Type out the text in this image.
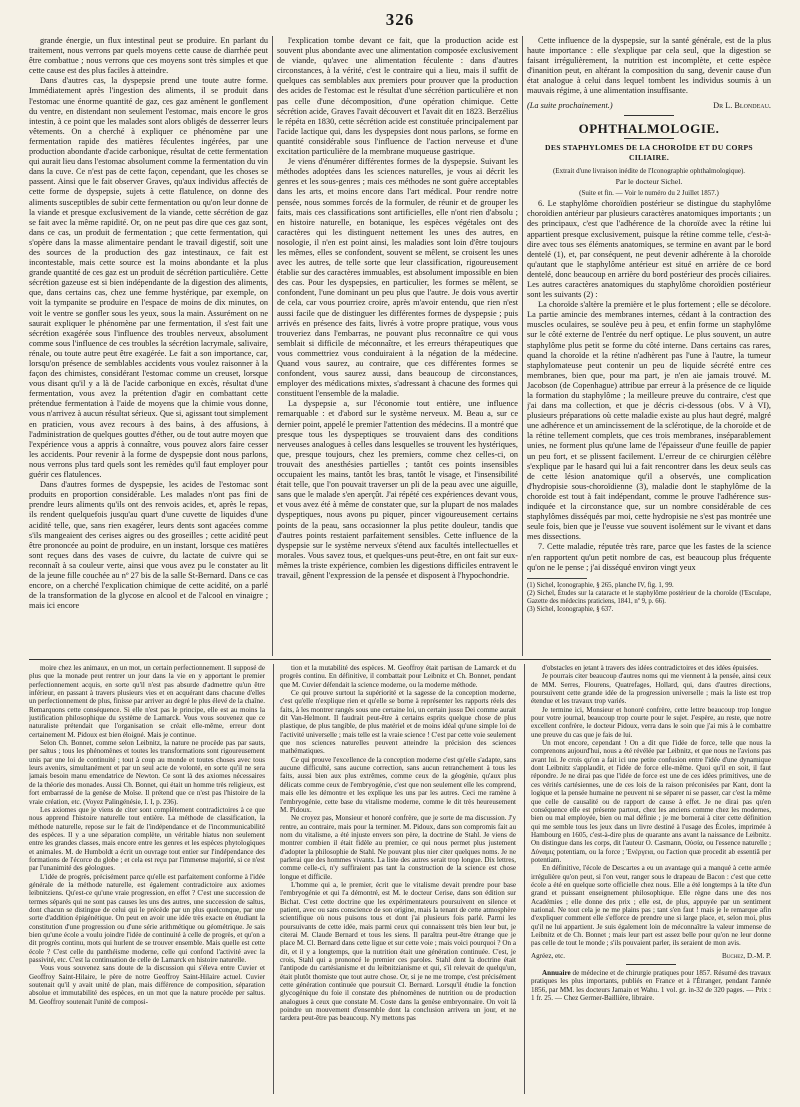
326

grande énergie, un flux intestinal peut se produire. En parlant du traitement, nous verrons par quels moyens cette cause de diarrhée peut être combattue ; nous verrons que ces moyens sont très simples et que cette cause est des plus faciles à atteindre.

Dans d'autres cas, la dyspepsie prend une toute autre forme. Immédiatement après l'ingestion des aliments, il se produit dans l'estomac une énorme quantité de gaz, ces gaz amènent le gonflement du ventre, en distendant non seulement l'estomac, mais encore le gros intestin, à ce point que les malades sont alors obligés de desserrer leurs vêtements. On a cherché à expliquer ce phénomène par une fermentation rapide des matières féculentes ingérées, par une production abondante d'acide carbonique, résultat de cette fermentation qui aurait lieu dans l'estomac absolument comme la fermentation du vin dans la cuve. Ce n'est pas de cette façon, cependant, que les choses se passent. Ainsi que le fait observer Graves, qu'aux individus affectés de cette forme de dyspepsie, sujets à cette flatulence, on donne des aliments susceptibles de subir cette fermentation ou qu'on leur donne de la viande et presque exclusivement de la viande, cette sécrétion de gaz se fait avec la même rapidité. Or, on ne peut pas dire que ces gaz sont, dans ce cas, un produit de fermentation ; que cette fermentation, qui s'opère dans la masse alimentaire pendant le travail digestif, soit une des sources de la production des gaz intestinaux, ce fait est incontestable, mais cette source est la moins abondante et la plus grande quantité de ces gaz est un produit de sécrétion particulière. Cette sécrétion gazeuse est si bien indépendante de la digestion des aliments, que, dans certains cas, chez une femme hystérique, par exemple, on voit la tympanite se produire en l'espace de moins de dix minutes, on voit le ventre se gonfler sous les yeux, sous la main. Assurément on ne saurait expliquer le phénomène par une fermentation, il s'est fait une sécrétion exagérée sous l'influence des troubles nerveux, absolument comme sous l'influence de ces troubles la sécrétion lacrymale, salivaire, rénale, ou toute autre peut être exagérée. Le fait a son importance, car, lorsqu'on présence de semblables accidents vous voulez raisonner à la façon des chimistes, considérant l'estomac comme un creuset, lorsque vous disant qu'il y a là de l'acide carbonique en excès, résultat d'une fermentation, vous avez la prétention d'agir en combattant cette prétendue fermentation à l'aide de moyens que la chimie vous donne, vous n'arrivez à aucun résultat sérieux. Que si, agissant tout simplement en praticien, vous avez recours à des bains, à des affusions, à l'administration de quelques gouttes d'éther, ou de tout autre moyen que l'expérience vous a appris à connaître, vous pouvez alors faire cesser les accidents. Pour revenir à la forme de dyspepsie dont nous parlons, nous verrons plus tard quels sont les remèdes qu'il faut employer pour guérir ces flatulences.

Dans d'autres formes de dyspepsie, les acides de l'estomac sont produits en proportion considérable. Les malades n'ont pas fini de prendre leurs aliments qu'ils ont des renvois acides, et, après le repas, ils rendent quelquefois jusqu'au quart d'une cuvette de liquides d'une acidité telle, que, sans rien exagérer, leurs dents sont agacées comme s'ils mangeaient des cerises aigres ou des groseilles ; cette acidité peut être prononcée au point de produire, en un instant, lorsque ces matières sont reçues dans des vases de cuivre, du lactate de cuivre qui se reconnaît à sa couleur verte, ainsi que vous avez pu le constater au lit de la jeune fille couchée au nº 27 bis de la salle St-Bernard. Dans ce cas encore, on a cherché l'explication chimique de cette acidité, on a parlé de la transformation de la glycose en alcool et de l'alcool en vinaigre ; mais ici encore

l'explication tombe devant ce fait, que la production acide est souvent plus abondante avec une alimentation composée exclusivement de viande, qu'avec une alimentation féculente : dans d'autres circonstances, à la vérité, c'est le contraire qui a lieu, mais il suffit de quelques cas semblables aux premiers pour prouver que la production des acides de l'estomac est le résultat d'une sécrétion particulière et non pas celle d'une décomposition, d'une opération chimique. Cette sécrétion acide, Graves l'avait découvert et l'avait dit en 1823. Berzélius le répéta en 1830, cette sécrétion acide est constituée principalement par l'acide lactique qui, dans les dyspepsies dont nous parlons, se forme en quantité considérable sous l'influence de l'action nerveuse et d'une excitation particulière de la membrane muqueuse gastrique.

Je viens d'énumérer différentes formes de la dyspepsie. Suivant les méthodes adoptées dans les sciences naturelles, je vous ai décrit les genres et les sous-genres ; mais ces méthodes ne sont guère acceptables dans les arts, et moins encore dans l'art médical. Pour rendre notre pensée, nous sommes forcés de la formuler, de réunir et de grouper les faits, mais ces classifications sont artificielles, elle n'ont rien d'absolu ; en histoire naturelle, en botanique, les espèces végétales ont des caractères qui les distinguent nettement les unes des autres, en nosologie, il n'en est point ainsi, les maladies sont loin d'être toujours les mêmes, elles se confondent, souvent se mêlent, se croisent les unes avec les autres, de telle sorte que leur classification, rigoureusement établie sur des caractères immuables, est absolument impossible en bien des cas. Pour les dyspepsies, en particulier, les formes se mêlent, se confondent, l'une dominant un peu plus que l'autre. Je dois vous avertir de cela, car vous pourriez croire, après m'avoir entendu, que rien n'est aussi facile que de distinguer les différentes formes de dyspepsie ; puis arrivés en présence des faits, livrés à votre propre pratique, vous vous trouveriez dans l'embarras, ne pouvant plus reconnaître ce qui vous semblait si difficile de méconnaître, et les erreurs thérapeutiques que vous commettriez vous conduiraient à la négation de la médecine. Quand vous saurez, au contraire, que ces différentes formes se confondent, vous saurez aussi, dans beaucoup de circonstances, employer des médications mixtes, s'adressant à chacune des formes qui constituent l'ensemble de la maladie.

La dyspepsie a, sur l'économie tout entière, une influence remarquable : et d'abord sur le système nerveux. M. Beau a, sur ce dernier point, appelé le premier l'attention des médecins. Il a montré que presque tous les dyspeptiques se trouvaient dans des conditions nerveuses analogues à celles dans lesquelles se trouvent les hystériques, que, presque toujours, chez les premiers, comme chez celles-ci, on trouvait des anesthésies partielles ; tantôt ces points insensibles occupaient les mains, tantôt les bras, tantôt le visage, et l'insensibilité était telle, que l'on pouvait traverser un pli de la peau avec une aiguille, sans que le malade s'en aperçût. J'ai répété ces expériences devant vous, et vous avez été à même de constater que, sur la plupart de nos malades dyspeptiques, nous avons pu piquer, pincer vigoureusement certains points de la peau, sans occasionner la plus petite douleur, tandis que d'autres points restaient parfaitement sensibles. Cette influence de la dyspepsie sur le système nerveux s'étend aux facultés intellectuelles et morales. Vous savez tous, et quelques-uns peut-être, en ont fait sur eux-mêmes la triste expérience, combien les digestions difficiles entravent le travail, gênent l'expression de la pensée et disposent à l'hypochondrie.

Cette influence de la dyspepsie, sur la santé générale, est de la plus haute importance : elle s'explique par cela seul, que la digestion se faisant irrégulièrement, la nutrition est incomplète, et cette espèce d'inanition peut, en altérant la composition du sang, devenir cause d'un état analogue à celui dans lequel tombent les individus soumis à un mauvais régime, à une alimentation insuffisante.

(La suite prochainement.)	Dr L. Blondeau.
OPHTHALMOLOGIE.
DES STAPHYLOMES DE LA CHOROÏDE ET DU CORPS CILIAIRE.
(Extrait d'une livraison inédite de l'Iconographie ophthalmologique).
Par le docteur Sichel.
(Suite et fin. — Voir le numéro du 2 Juillet 1857.)

6. Le staphylôme choroïdien postérieur se distingue du staphylôme choroïdien antérieur par plusieurs caractères anatomiques importants ; un des principaux, c'est que l'adhérence de la choroïde avec la rétine lui appartient presque exclusivement, puisque la rétine comme telle, c'est-à-dire avec tous ses éléments anatomiques, se termine en avant par le bord dentelé (1), et, par conséquent, ne peut devenir adhérente à la choroïde qu'autant que le staphylôme antérieur est situé en arrière de ce bord dentelé, donc beaucoup en arrière du bord postérieur des procès ciliaires. Les autres caractères anatomiques du staphylôme choroïdien postérieur sont les suivants (2) :

La choroïde s'altère la première et le plus fortement ; elle se décolore. La partie amincie des membranes internes, cédant à la contraction des muscles oculaires, se soulève peu à peu, et enfin forme un staphylôme sur le côté externe de l'entrée du nerf optique. Le plus souvent, un autre staphylôme plus petit se forme du côté interne. Dans certains cas rares, quand la choroïde et la rétine n'adhèrent pas l'une à l'autre, la tumeur staphylomateuse peut contenir un peu de liquide sécrété entre ces membranes, bien que, pour ma part, je n'en aie jamais trouvé. M. Jacobson (de Copenhague) attribue par erreur à la présence de ce liquide la formation du staphylôme ; la meilleure preuve du contraire, c'est que j'ai dans ma collection, et que je décris ci-dessous (obs. V à VI), plusieurs préparations où cette maladie existe au plus haut degré, malgré une adhérence et un amincissement de la sclérotique, de la choroïde et de la rétine tellement complets, que ces trois membranes, inséparablement unies, ne forment plus qu'une lame de l'épaisseur d'une feuille de papier un peu fort, et se plissent facilement. L'erreur de ce chirurgien célèbre s'explique par le hasard qui lui a fait rencontrer dans les deux seuls cas de cette lésion anatomique qu'il a observés, une complication d'hydropisie sous-choroïdienne (3), maladie dont le staphylôme de la choroïde est tout à fait indépendant, comme le prouve l'adhérence sus-indiquée et la circonstance que, sur un nombre considérable de ces staphylômes disséqués par moi, cette hydropisie ne s'est pas montrée une seule fois, bien que je l'eusse vue souvent isolément sur le vivant et dans mes dissections.

7. Cette maladie, réputée très rare, parce que les fastes de la science n'en rapportent qu'un petit nombre de cas, est beaucoup plus fréquente qu'on ne le pense ; j'ai disséqué environ vingt yeux

(1) Sichel, Iconographie, § 265, planche IV, fig. 1, 99.

(2) Sichel, Études sur la cataracte et le staphylôme postérieur de la choroïde (l'Esculape, Gazette des médecins praticiens, 1841, nº 9, p. 66).

(3) Sichel, Iconographie, § 637.

moire chez les animaux, en un mot, un certain perfectionnement. Il supposé de plus que la monade peut rentrer un jour dans la vie en y apportant le premier perfectionnement acquis, en sorte qu'il n'est pas absurde d'admettre qu'un être inférieur, en passant à travers plusieurs vies et en acquérant dans chacune d'elles un perfectionnement de plus, finisse par arriver au degré le plus élevé de la chaîne. Remarquons cette conséquence. Si elle n'est pas le principe, elle est au moins la justification philosophique du système de Lamarck. Vous vous souvenez que ce naturaliste prétendait que l'organisation se créait elle-même, erreur dont certainement M. Pidoux est bien éloigné. Mais je continue.

Selon Ch. Bonnet, comme selon Leibnitz, la nature ne procède pas par sauts, per saltus ; tous les phénomènes et toutes les transformations sont rigoureusement unis par une loi de continuité ; tout à coup au monde et toutes choses avec tous leurs avenirs, simultanément et par un seul acte de volonté, en sorte qu'il ne sera jamais besoin manu emendatrice de Newton. Ce sont là des axiomes nécessaires de la théorie des monades. Aussi Ch. Bonnet, qui était un homme très religieux, est fort embarrassé de la genèse de Moïse. Il prétend que ce n'est pas l'histoire de la vraie création, etc. (Voyez Palingénésie, I. I, p. 236).

Les axiomes que je viens de citer sont complètement contradictoires à ce que nous apprend l'histoire naturelle tout entière. La méthode de classification, la méthode naturelle, repose sur le fait de l'indépendance et de l'incommunicabilité des espèces. Il y a une séparation complète, un véritable hiatus non seulement entre les grandes classes, mais encore entre les genres et les espèces phytologiques et animales. M. de Humboldt a écrit un ouvrage tout entier sur l'indépendance des formations de l'écorce du globe ; et cela est reçu par l'immense majorité, si ce n'est par l'unanimité des géologues.

L'idée de progrès, précisément parce qu'elle est parfaitement conforme à l'idée générale de la méthode naturelle, est également contradictoire aux axiomes leibnitziens. Qu'est-ce qu'une vraie progression, en effet ? C'est une succession de termes séparés qui ne sont pas causes les uns des autres, une succession de saltus, dont chacun se distingue de celui qui le précède par un plus quelconque, par une sorte d'addition épigénétique. On peut en avoir une idée très exacte en étudiant la constitution d'une progression ou d'une série arithmétique ou géométrique. Je sais bien qu'une école a voulu joindre l'idée de continuité à celle de progrès, et qu'on a dit progrès continu, mots qui hurlent de se trouver ensemble. Mais quelle est cette école ? C'est celle du panthéisme moderne, celle qui confond l'activité avec la passivité, etc. C'est la continuation de celle de Lamarck en histoire naturelle.

Vous vous souvenez sans doute de la discussion qui s'éleva entre Cuvier et Geoffroy Saint-Hilaire, le père de notre Geoffroy Saint-Hilaire actuel. Cuvier soutenait qu'il y avait unité de plan, mais différence de composition, séparation absolue et immutabilité des espèces, en un mot que la nature procède per saltus. M. Geoffroy soutenait l'unité de composi-

tion et la mutabilité des espèces. M. Geoffroy était partisan de Lamarck et du progrès continu. En définitive, il combattait pour Leibnitz et Ch. Bonnet, pendant que M. Cuvier défendait la science moderne, ou la moderne méthode.

Ce qui prouve surtout la supériorité et la sagesse de la conception moderne, c'est qu'elle n'explique rien et qu'elle se borne à représenter les rapports réels des faits, à les montrer rangés sous une certaine loi, un certain jussu Dei comme aurait dit Van-Helmont. Il faudrait peut-être à certains esprits quelque chose de plus plastique, de plus tangible, de plus matériel et de moins idéal qu'une simple loi de l'activité universelle ; mais telle est la vraie science ! C'est par cette voie seulement que nos sciences naturelles peuvent atteindre la précision des sciences mathématiques.

Ce qui prouve l'excellence de la conception moderne c'est qu'elle s'adapte, sans aucune difficulté, sans aucune correction, sans aucun retranchement à tous les faits, aussi bien aux plus extrêmes, comme ceux de la géogénie, qu'aux plus délicats comme ceux de l'embryogénie, c'est que non seulement elle les comprend, mais elle les démontre et les explique les uns par les autres. Ceci me ramène à l'embryogénie, cette base du vitalisme moderne, comme le dit très heureusement M. Pidoux.

Ne croyez pas, Monsieur et honoré confrère, que je sorte de ma discussion. J'y rentre, au contraire, mais pour la terminer. M. Pidoux, dans son compromis fait au nom du vitalisme, a été injuste envers son père, la doctrine de Stahl. Je viens de montrer combien il était fidèle au premier, ce qui nous permet plus justement d'adopter la philosophie de Stahl. Ne pouvant plus nier citer quelques noms. Je ne parlerai que des hommes vivants. La liste des autres serait trop longue. Dix lettres, comme celle-ci, n'y suffiraient pas tant la construction de la science est chose longue et difficile.

L'homme qui a, le premier, écrit que le vitalisme devait prendre pour base l'embryogénie et qui l'a démontré, est M. le docteur Cerise, dans son édition sur Bichat. C'est cette doctrine que les expérimentateurs poursuivent en silence et patient, avec ou sans conscience de son origine, mais la tenant de cette atmosphère scientifique où nous puisons tous et dont j'ai plusieurs fois parlé. Parmi les poursuivants de cette idée, mais parmi ceux qui connaissent très bien leur but, je citerai M. Claude Bernard et tous les siens. Il paraîtra peut-être étrange que je place M. Cl. Bernard dans cette ligue et sur cette voie ; mais voici pourquoi ? On a dit, et il y a longtemps, que la nutrition était une génération continuée. C'est, je crois, Stahl qui a prononcé le premier ces paroles. Stahl dont la doctrine était l'antipode du cartésianisme et du leibnitzianisme et qui, s'il relevait de quelqu'un, était plutôt thomiste que tout autre chose. Or, si je ne me trompe, c'est précisément cette génération continuée que poursuit Cl. Bernard. Lorsqu'il étudie la fonction glycogénique du foie il constate des phénomènes de nutrition ou de production analogues à ceux que constate M. Coste dans la genèse embryonnaire. On voit là poindre un mouvement d'ensemble dont la conclusion arrivera un jour, et ne tardera peut-être pas beaucoup. N'y mettons pas

d'obstacles en jetant à travers des idées contradictoires et des idées épuisées.

Je pourrais citer beaucoup d'autres noms qui me viennent à la pensée, ainsi ceux de MM. Serres, Flourens, Quatrefages, Hollard, qui, dans d'autres directions, poursuivent cette grande idée de la progression universelle ; mais la liste est trop étendue et les travaux trop variés.

Je termine ici, Monsieur et honoré confrère, cette lettre beaucoup trop longue pour votre journal, beaucoup trop courte pour le sujet. J'espère, au reste, que notre excellent confrère, le docteur Pidoux, verra dans le soin que j'ai mis à le combattre une preuve du cas que je fais de lui.

Un mot encore, cependant ! On a dit que l'idée de force, telle que nous la comprenons aujourd'hui, nous a été révélée par Leibnitz, et que nous ne l'avions pas avant lui. Je crois qu'on a fait ici une petite confusion entre l'idée d'une dynamique dont Leibnitz s'applaudit, et l'idée de force elle-même. Quoi qu'il en soit, il faut répondre. Je ne dirai pas que l'idée de force est une de ces idées primitives, une de ces vérités cartésiennes, une de ces lois de la raison préconisées par Kant, dont la logique et la pensée humaine ne peuvent ni se séparer ni se passer, car c'est la même que celle de causalité ou de rapport de cause à effet. Je ne dirai pas qu'en conséquence elle est présente partout, chez les anciens comme chez les modernes, bien ou mal employée, bien ou mal définie ; je me bornerai à citer cette définition qui me semble tous les jeux dans un livre destiné à l'usage des Écoles, imprimée à Hambourg en 1605, c'est-à-dire plus de quarante ans avant la naissance de Leibnitz. On distingue dans les corps, dit l'auteur O. Casmann, Οὐσία, ou l'essence naturelle ; Δύναμις potentiam, ou la force ; Ἐνέργεια, ou l'action quæ procedit ab essentiâ per potentiam.

En définitive, l'école de Descartes a eu un avantage qui a manqué à cette armée irrégulière qu'on peut, si l'on veut, ranger sous le drapeau de Bacon : c'est que cette école a été en quelque sorte officielle chez nous. Elle a été longtemps à la tête d'un grand et puissant enseignement philosophique. Elle règne dans une des nos Académies ; elle donne des prix ; elle est, de plus, appuyée par un sentiment national. Ne tout cela je ne me plains pas ; tant s'en faut ! mais je le remarque afin d'expliquer comment elle s'efforce de prendre une si large place, et, selon moi, plus qu'il ne lui appartient. Je suis également loin de méconnaître la valeur immense de Leibnitz et de Ch. Bonnet ; mais leur part est assez belle pour qu'on ne leur donne pas celle de tout le monde ; s'ils pouvaient parler, ils seraient de mon avis.

Agréez, etc.	Buchez, D.-M. P.

Annuaire de médecine et de chirurgie pratiques pour 1857. Résumé des travaux pratiques les plus importants, publiés en France et à l'Étranger, pendant l'année 1856, par MM. les docteurs Jamain et Wahu. 1 vol. gr. in-32 de 320 pages. — Prix : 1 fr. 25. — Chez Germer-Baillière, libraire.
